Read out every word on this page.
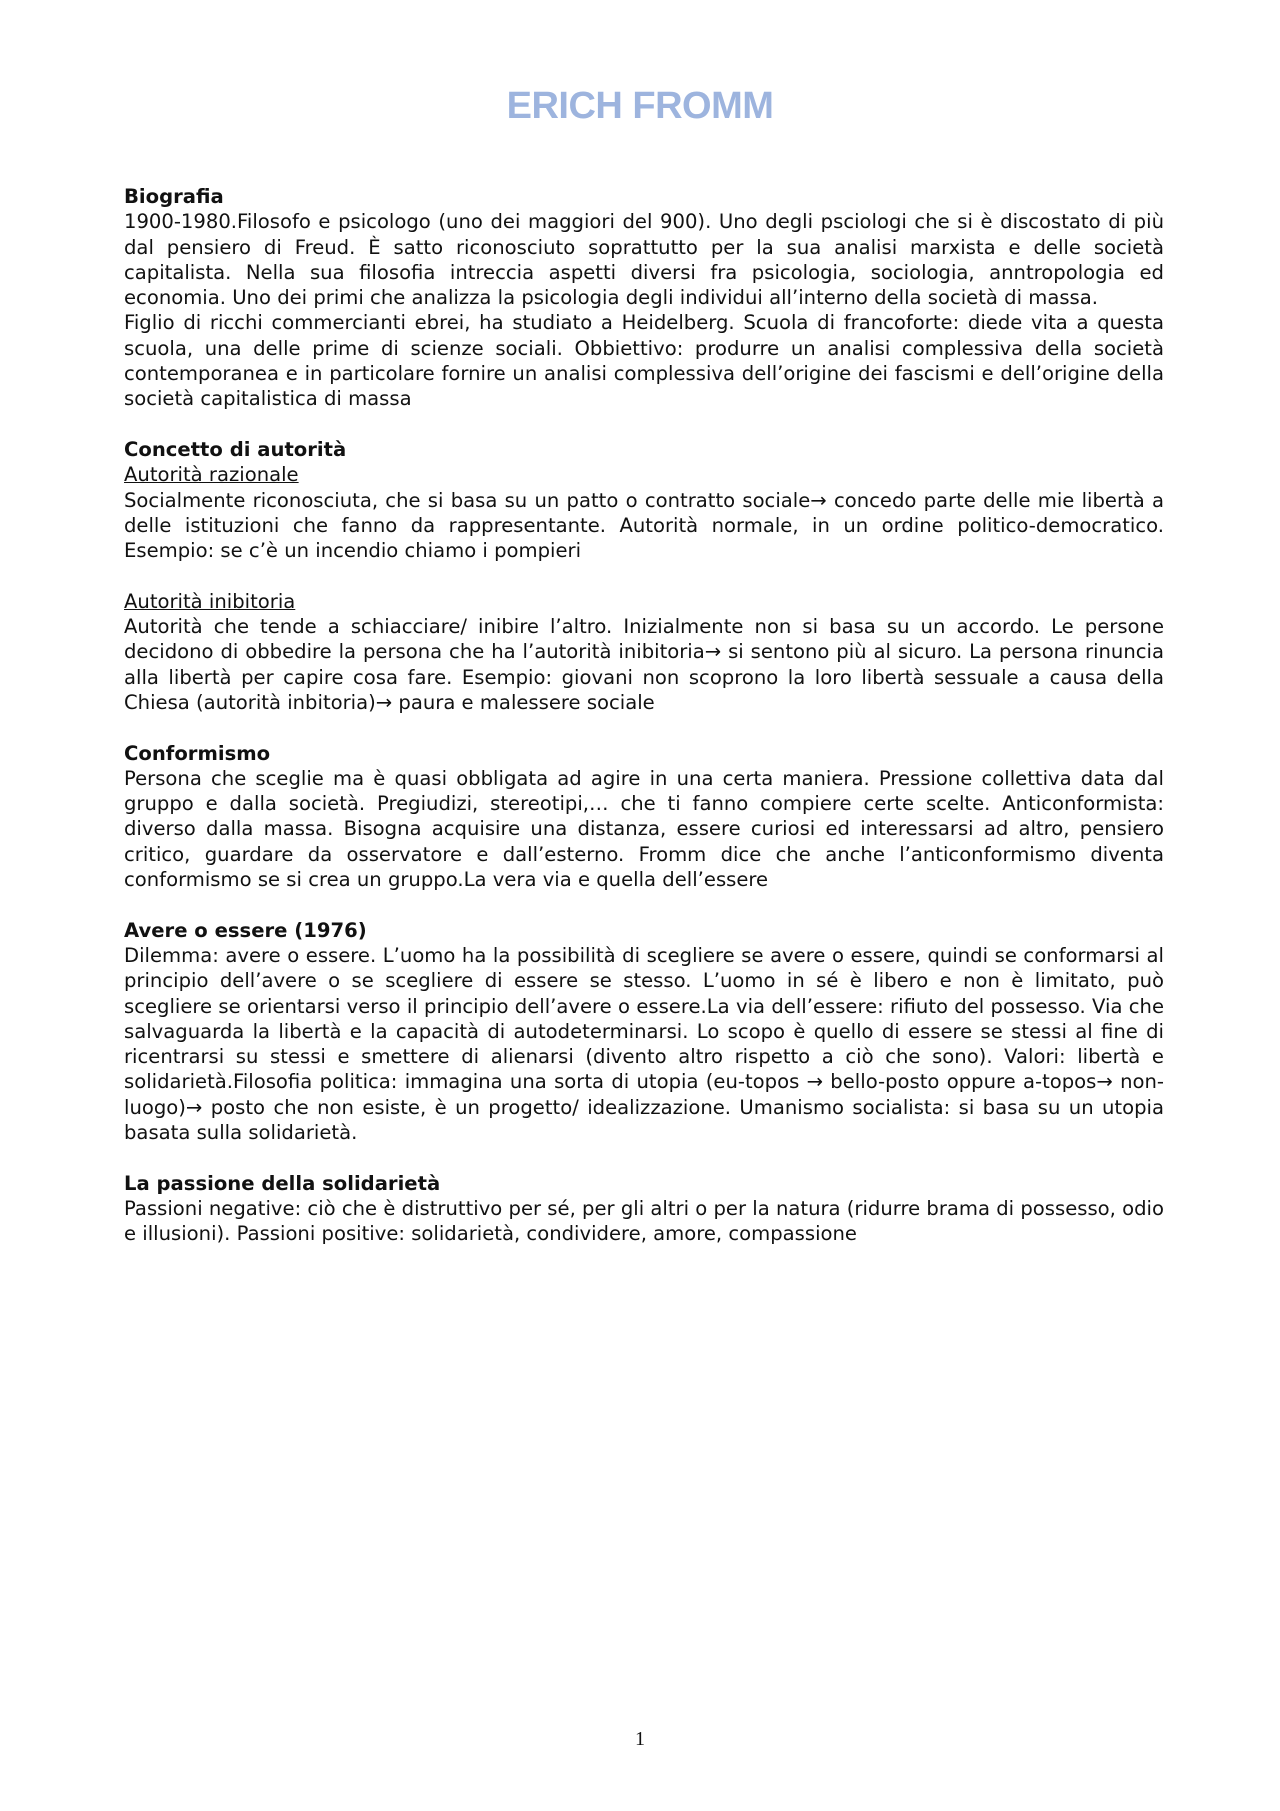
ERICH FROMM

Biografia

1900-1980.Filosofo e psicologo (uno dei maggiori del 900). Uno degli psciologi che si è discostato di più dal pensiero di Freud. È satto riconosciuto soprattutto per la sua analisi marxista e delle società capitalista. Nella sua filosofia intreccia aspetti diversi fra psicologia, sociologia, anntropologia ed economia. Uno dei primi che analizza la psicologia degli individui all’interno della società di massa.

Figlio di ricchi commercianti ebrei, ha studiato a Heidelberg. Scuola di francoforte: diede vita a questa scuola, una delle prime di scienze sociali. Obbiettivo: produrre un analisi complessiva della società contemporanea e in particolare fornire un analisi complessiva dell’origine dei fascismi e dell’origine della società capitalistica di massa

Concetto di autorità

Autorità razionale

Socialmente riconosciuta, che si basa su un patto o contratto sociale→ concedo parte delle mie libertà a delle istituzioni che fanno da rappresentante. Autorità normale, in un ordine politico-democratico. Esempio: se c’è un incendio chiamo i pompieri

Autorità inibitoria

Autorità che tende a schiacciare/ inibire l’altro. Inizialmente non si basa su un accordo. Le persone decidono di obbedire la persona che ha l’autorità inibitoria→ si sentono più al sicuro. La persona rinuncia alla libertà per capire cosa fare. Esempio: giovani non scoprono la loro libertà sessuale a causa della Chiesa (autorità inbitoria)→ paura e malessere sociale

Conformismo

Persona che sceglie ma è quasi obbligata ad agire in una certa maniera. Pressione collettiva data dal gruppo e dalla società. Pregiudizi, stereotipi,… che ti fanno compiere certe scelte. Anticonformista: diverso dalla massa. Bisogna acquisire una distanza, essere curiosi ed interessarsi ad altro, pensiero critico, guardare da osservatore e dall’esterno. Fromm dice che anche l’anticonformismo diventa conformismo se si crea un gruppo.La vera via e quella dell’essere

Avere o essere (1976)

Dilemma: avere o essere. L’uomo ha la possibilità di scegliere se avere o essere, quindi se conformarsi al principio dell’avere o se scegliere di essere se stesso. L’uomo in sé è libero e non è limitato, può scegliere se orientarsi verso il principio dell’avere o essere.La via dell’essere: rifiuto del possesso. Via che salvaguarda la libertà e la capacità di autodeterminarsi. Lo scopo è quello di essere se stessi al fine di ricentrarsi su stessi e smettere di alienarsi (divento altro rispetto a ciò che sono). Valori: libertà e solidarietà.Filosofia politica: immagina una sorta di utopia (eu-topos → bello-posto oppure a-topos→ non-luogo)→ posto che non esiste, è un progetto/ idealizzazione. Umanismo socialista: si basa su un utopia basata sulla solidarietà.

La passione della solidarietà

Passioni negative: ciò che è distruttivo per sé, per gli altri o per la natura (ridurre brama di possesso, odio e illusioni). Passioni positive: solidarietà, condividere, amore, compassione

1
